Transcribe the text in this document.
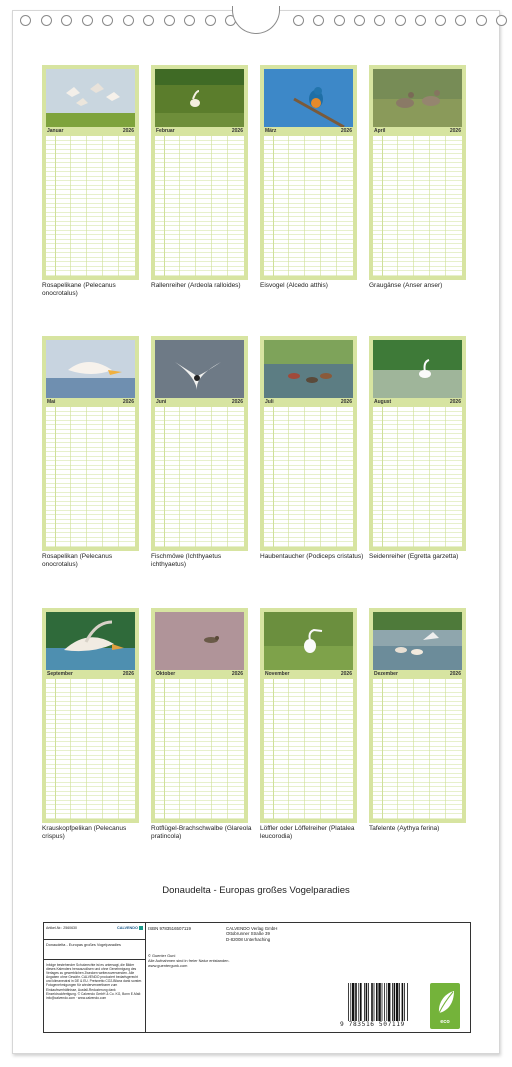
Januar	2026
Rosapelikane (Pelecanus onocrotalus)
Februar	2026
Rallenreiher (Ardeola ralloides)
März	2026
Eisvogel (Alcedo atthis)
April	2026
Graugänse (Anser anser)
Mai	2026
Rosapelikan (Pelecanus onocrotalus)
Juni	2026
Fischmöwe (Ichthyaetus ichthyaetus)
Juli	2026
Haubentaucher (Podiceps cristatus)
August	2026
Seidenreiher (Egretta garzetta)
September	2026
Krauskopfpelikan (Pelecanus crispus)
Oktober	2026
Rotflügel-Brachschwalbe (Glareola pratincola)
November	2026
Löffler oder Löffelreiher (Platalea leucorodia)
Dezember	2026
Tafelente (Aythya ferina)
Donaudelta - Europas großes Vogelparadies
Artikel-Nr.: 2560630	CALVENDO
Donaudelta - Europas großes Vogelparadies
Infolge bestehender Schutzrechte ist es untersagt, die Bilder dieses Kalenders herauszulösen und ohne Genehmigung des Verlages zu gewerblichen Zwecken weiterzuverwenden. Alle Angaben ohne Gewähr. CALVENDO produziert bedarfsgerecht und klimaneutral in DE & EU. Preisnetto CO2-Bilanz dank sorster. Fotogenehmigungen für wiederverwertbarer zum Einkaufsverhältnisse, Ausfall-Reduzierung dank Einzeldruckfertigung. © Calvendo GmbH & Co. KG, Bonn E-Mail: info@calvendo.com · www.calvendo.com
ISBN 9783516507119
© Guenter Guni
Alle Aufnahmen sind in freier Natur entstanden.
www.guentergunk.com
CALVENDO Verlag GmbH
Ottobrunner Straße 39
D-82008 Unterhaching
9 783516 507119	eco
